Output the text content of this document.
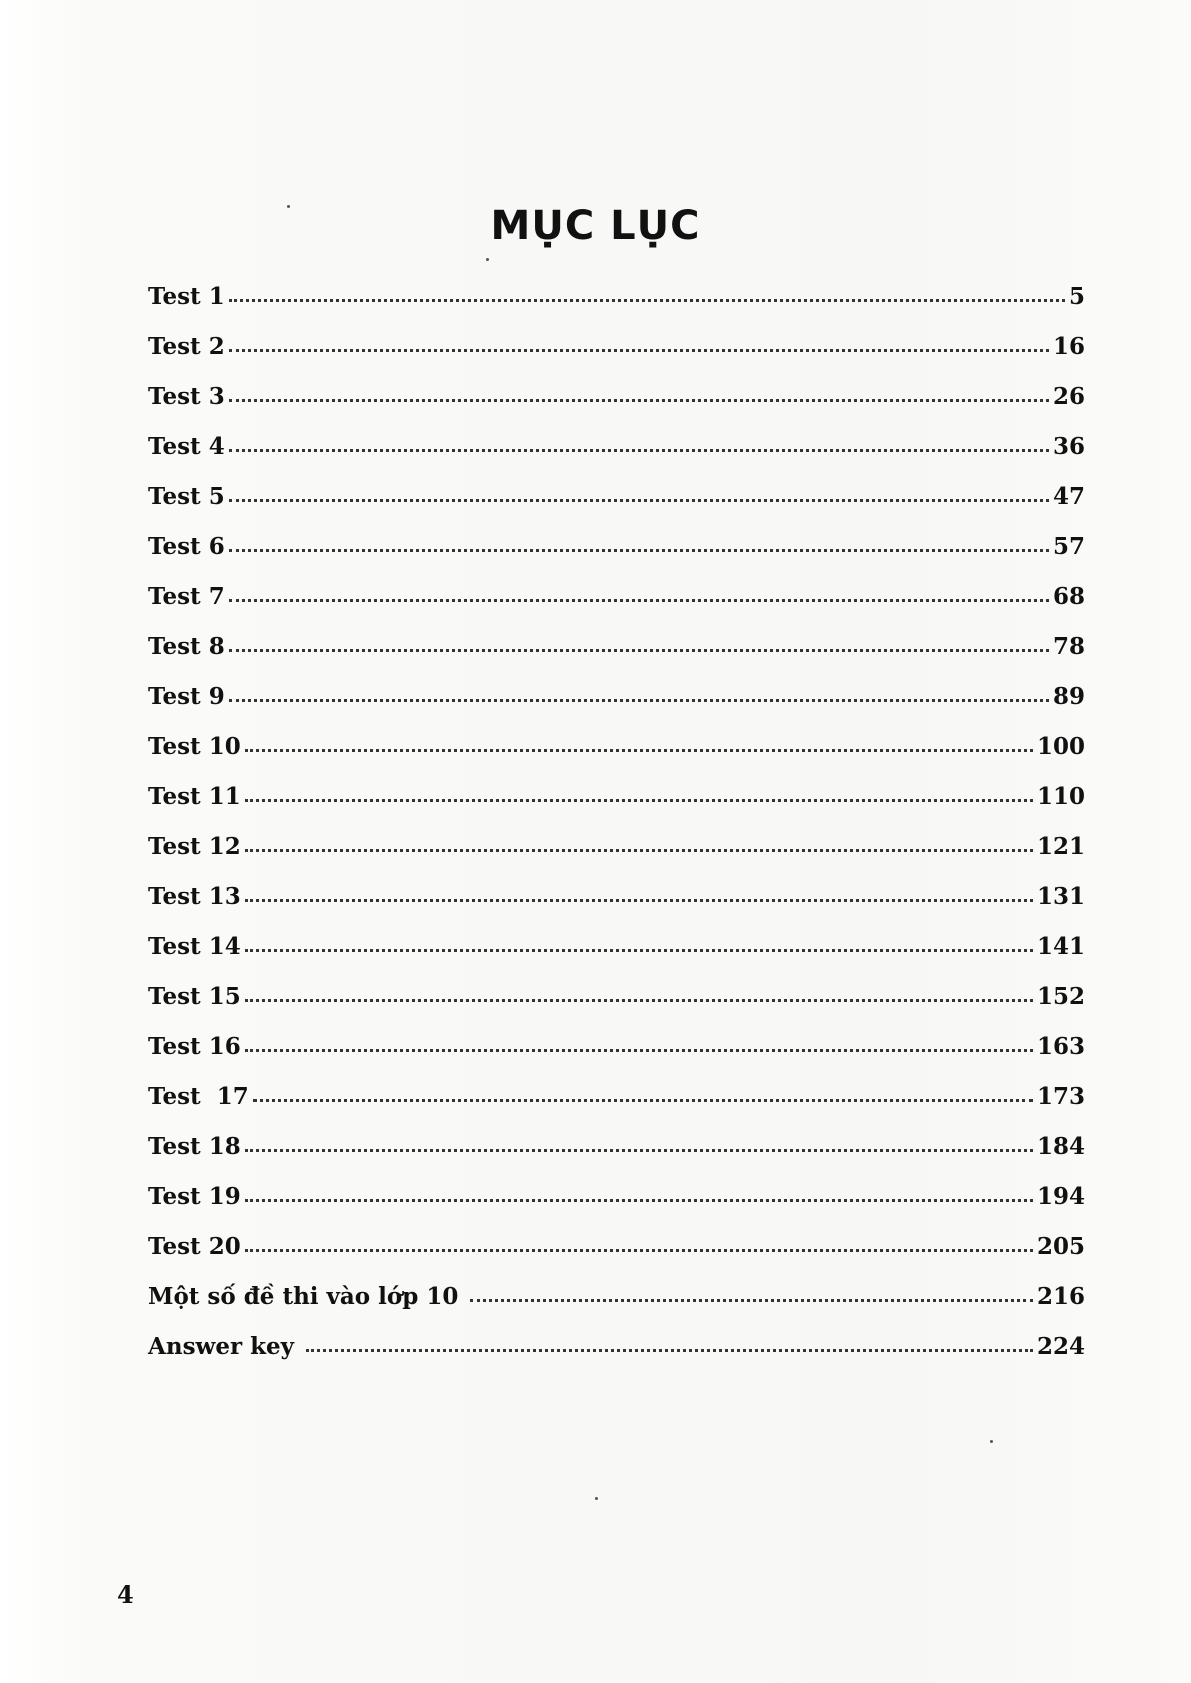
MỤC LỤC
Test 1	5
Test 2	16
Test 3	26
Test 4	36
Test 5	47
Test 6	57
Test 7	68
Test 8	78
Test 9	89
Test 10	100
Test 11	110
Test 12	121
Test 13	131
Test 14	141
Test 15	152
Test 16	163
Test  17	173
Test 18	184
Test 19	194
Test 20	205
Một số đề thi vào lớp 10	216
Answer key	224
4
